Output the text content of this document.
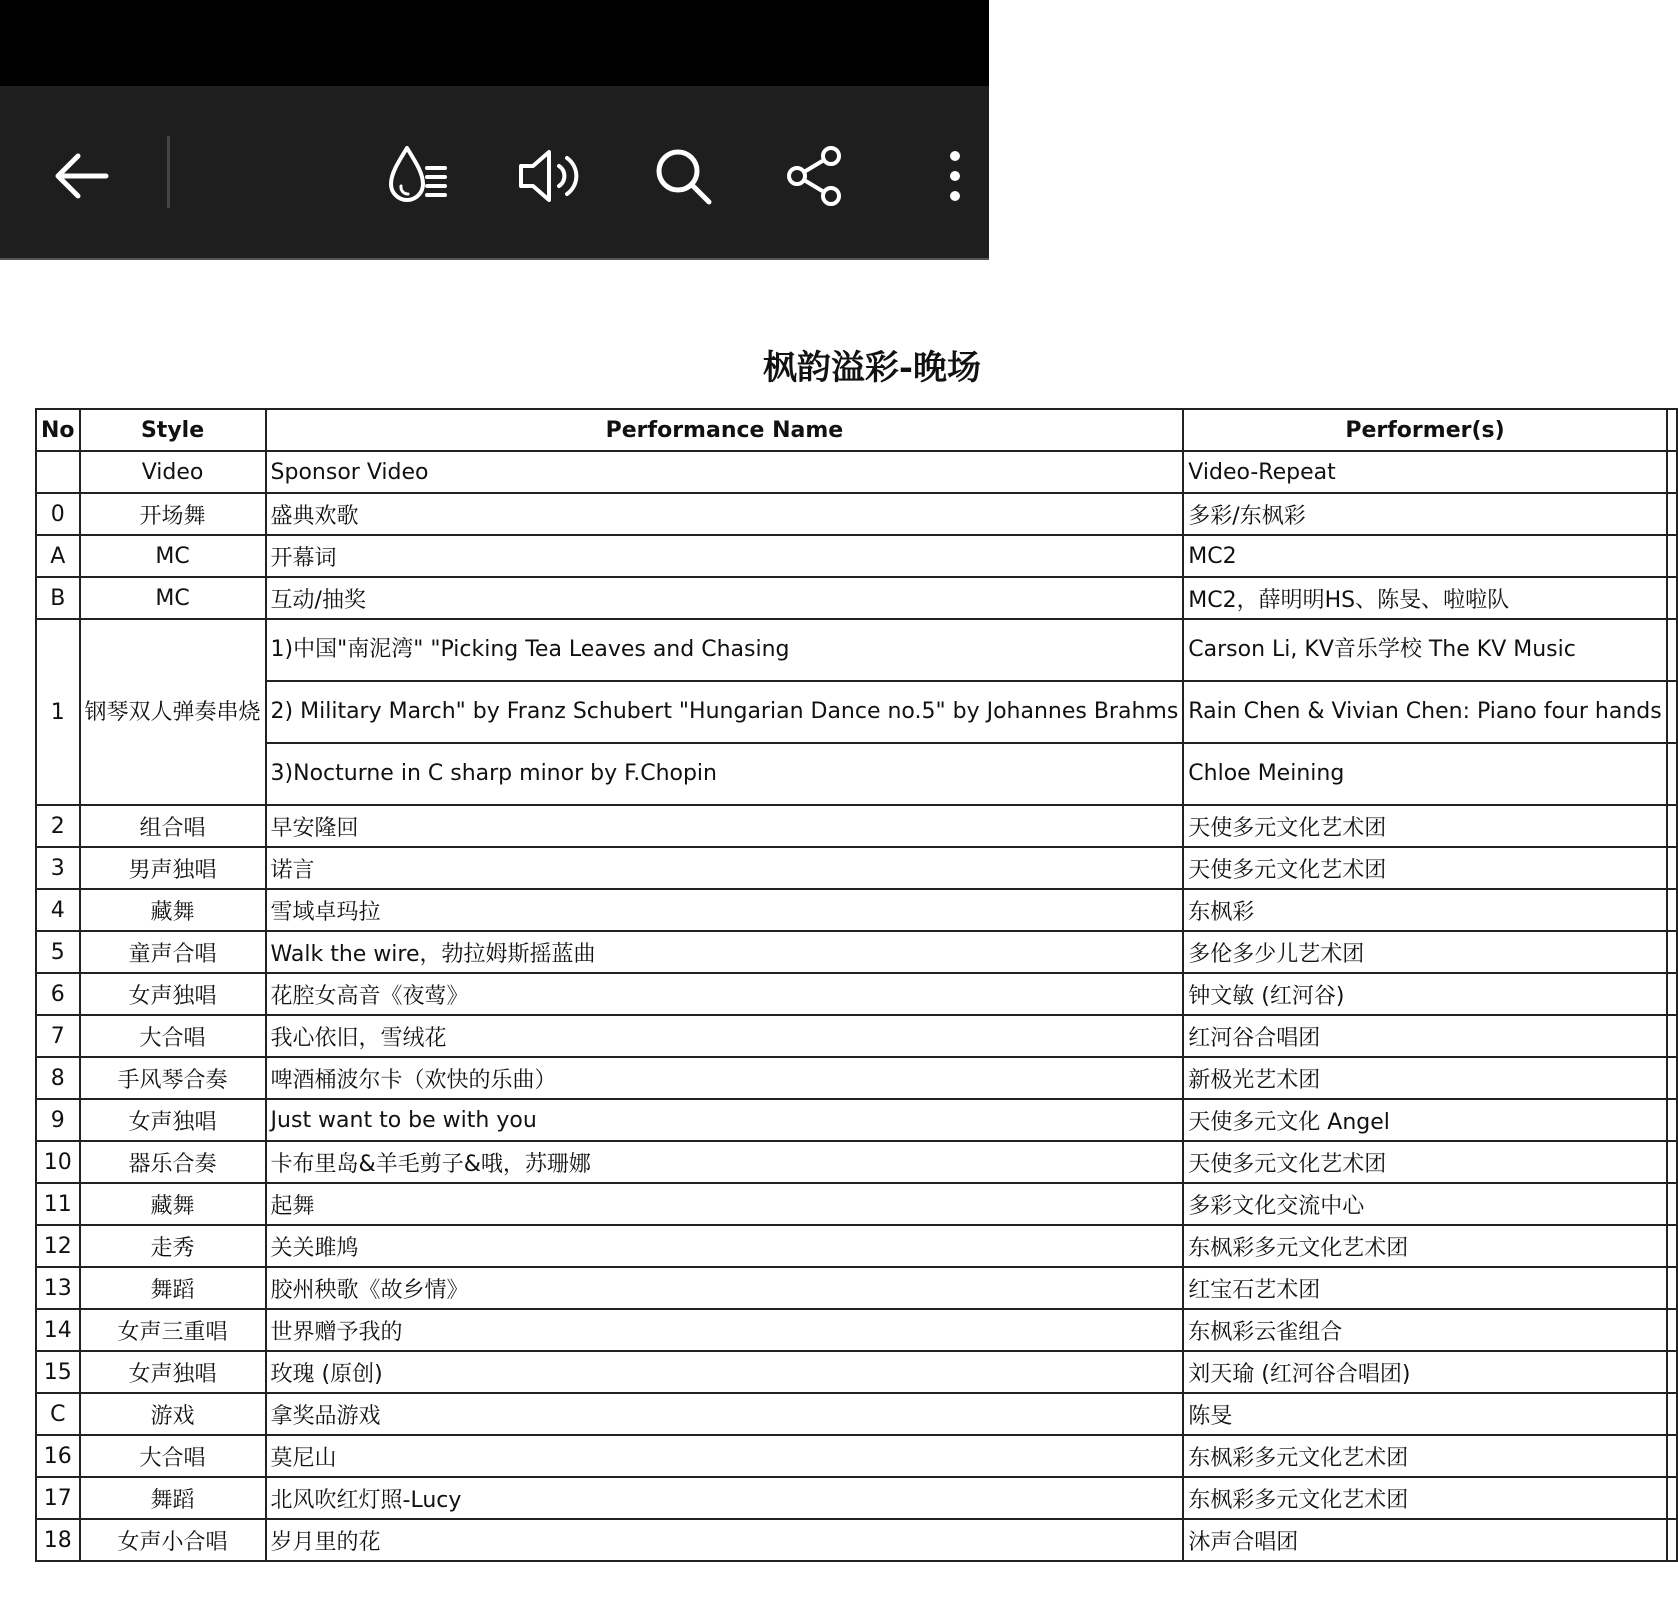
枫韵溢彩-晚场
No	Style	Performance Name	Performer(s)	
	Video	Sponsor Video	Video-Repeat	
0	开场舞	盛典欢歌	多彩/东枫彩	
A	MC	开幕词	MC2	
B	MC	互动/抽奖	MC2，薛明明HS、陈旻、啦啦队	
1	钢琴双人弹奏串烧	1)中国"南泥湾" "Picking Tea Leaves and Chasing	Carson Li, KV音乐学校 The KV Music	
		2) Military March" by Franz Schubert "Hungarian Dance no.5" by Johannes Brahms	Rain Chen & Vivian Chen: Piano four hands	
		3)Nocturne in C sharp minor by F.Chopin	Chloe Meining	
2	组合唱	早安隆回	天使多元文化艺术团	
3	男声独唱	诺言	天使多元文化艺术团	
4	藏舞	雪域卓玛拉	东枫彩	
5	童声合唱	Walk the wire，勃拉姆斯摇蓝曲	多伦多少儿艺术团	
6	女声独唱	花腔女高音《夜莺》	钟文敏 (红河谷)	
7	大合唱	我心依旧，雪绒花	红河谷合唱团	
8	手风琴合奏	啤酒桶波尔卡（欢快的乐曲）	新极光艺术团	
9	女声独唱	Just want to be with you	天使多元文化 Angel	
10	器乐合奏	卡布里岛&羊毛剪子&哦，苏珊娜	天使多元文化艺术团	
11	藏舞	起舞	多彩文化交流中心	
12	走秀	关关雎鸠	东枫彩多元文化艺术团	
13	舞蹈	胶州秧歌《故乡情》	红宝石艺术团	
14	女声三重唱	世界赠予我的	东枫彩云雀组合	
15	女声独唱	玫瑰 (原创)	刘天瑜 (红河谷合唱团)	
C	游戏	拿奖品游戏	陈旻	
16	大合唱	莫尼山	东枫彩多元文化艺术团	
17	舞蹈	北风吹红灯照-Lucy	东枫彩多元文化艺术团	
18	女声小合唱	岁月里的花	沐声合唱团	
